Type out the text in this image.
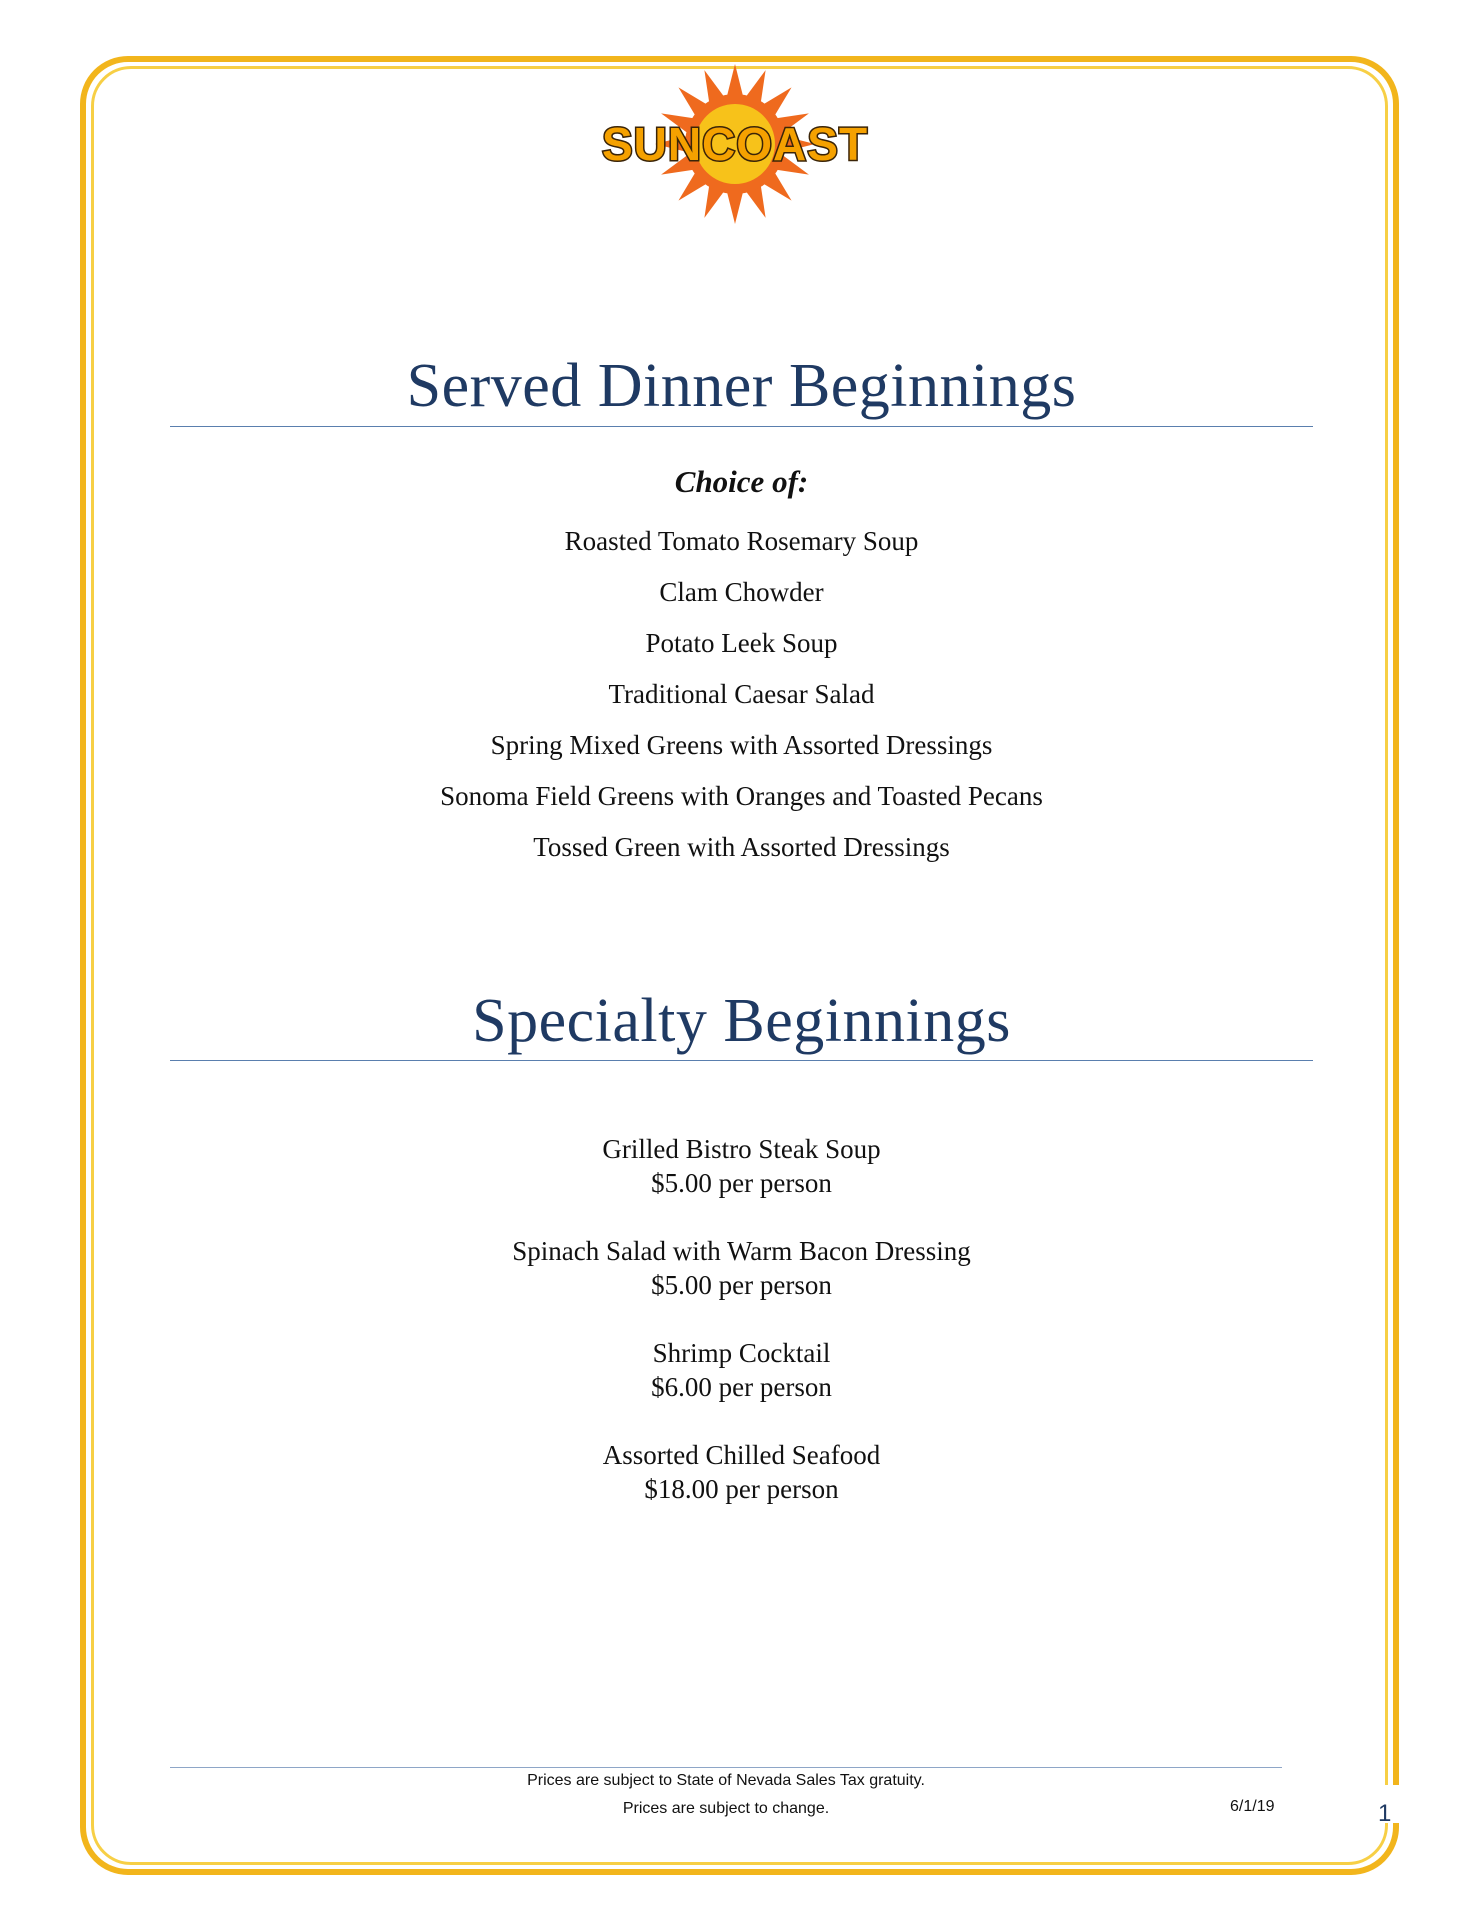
SUNCOAST
Served Dinner Beginnings
Choice of:
Roasted Tomato Rosemary Soup
Clam Chowder
Potato Leek Soup
Traditional Caesar Salad
Spring Mixed Greens with Assorted Dressings
Sonoma Field Greens with Oranges and Toasted Pecans
Tossed Green with Assorted Dressings
Specialty Beginnings
Grilled Bistro Steak Soup
$5.00 per person
Spinach Salad with Warm Bacon Dressing
$5.00 per person
Shrimp Cocktail
$6.00 per person
Assorted Chilled Seafood
$18.00 per person
Prices are subject to State of Nevada Sales Tax gratuity.
Prices are subject to change.	6/1/19	1
